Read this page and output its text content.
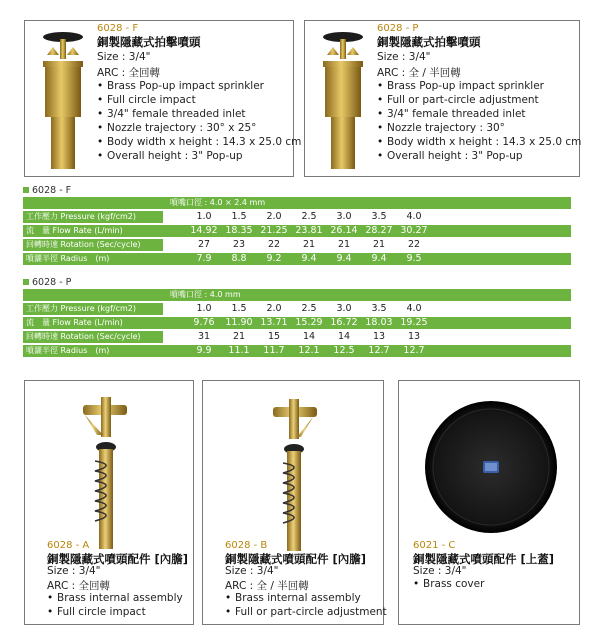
6028 - F
銅製隱藏式拍擊噴頭
Size : 3/4"
ARC : 全回轉
• Brass Pop-up impact sprinkler
• Full circle impact
• 3/4" female threaded inlet
• Nozzle trajectory : 30° x 25°
• Body width x height : 14.3 x 25.0 cm
• Overall height : 3" Pop-up
6028 - P
銅製隱藏式拍擊噴頭
Size : 3/4"
ARC : 全 / 半回轉
• Brass Pop-up impact sprinkler
• Full or part-circle adjustment
• 3/4" female threaded inlet
• Nozzle trajectory : 30°
• Body width x height : 14.3 x 25.0 cm
• Overall height : 3" Pop-up
6028 - F
噴嘴口徑 : 4.0 × 2.4 mm
工作壓力 Pressure (kgf/cm2)	1.0	1.5	2.0	2.5	3.0	3.5	4.0
流　量 Flow Rate (L/min)	14.92 18.35 21.25 23.81 26.14 28.27 30.27
回轉時速 Rotation (Sec/cycle)	27	23	22	21	21	21	22
噴灑半徑 Radius　(m)	7.9	8.8	9.2	9.4	9.4	9.4	9.5
6028 - P
噴嘴口徑 : 4.0 mm
工作壓力 Pressure (kgf/cm2)	1.0	1.5	2.0	2.5	3.0	3.5	4.0
流　量 Flow Rate (L/min)	9.76	11.90 13.71 15.29 16.72 18.03 19.25
回轉時速 Rotation (Sec/cycle)	31	21	15	14	14	13	13
噴灑半徑 Radius　(m)	9.9	11.1	11.7	12.1	12.5	12.7	12.7
6028 - A
銅製隱藏式噴頭配件 [內膽]
Size : 3/4"
ARC : 全回轉
• Brass internal assembly
• Full circle impact
6028 - B
銅製隱藏式噴頭配件 [內膽]
Size : 3/4"
ARC : 全 / 半回轉
• Brass internal assembly
• Full or part-circle adjustment
6021 - C
銅製隱藏式噴頭配件 [上蓋]
Size : 3/4"
• Brass cover
